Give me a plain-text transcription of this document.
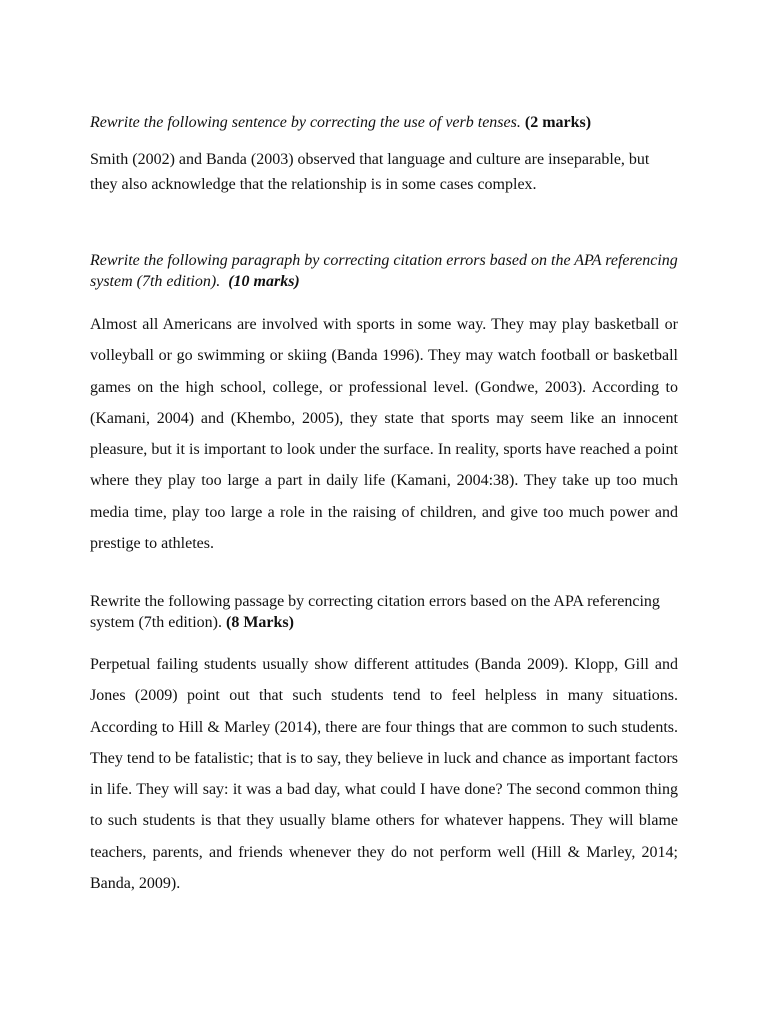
Rewrite the following sentence by correcting the use of verb tenses. (2 marks)

Smith (2002) and Banda (2003) observed that language and culture are inseparable, but they also acknowledge that the relationship is in some cases complex.

Rewrite the following paragraph by correcting citation errors based on the APA referencing system (7th edition). (10 marks)

Almost all Americans are involved with sports in some way. They may play basketball or volleyball or go swimming or skiing (Banda 1996). They may watch football or basketball games on the high school, college, or professional level. (Gondwe, 2003). According to (Kamani, 2004) and (Khembo, 2005), they state that sports may seem like an innocent pleasure, but it is important to look under the surface. In reality, sports have reached a point where they play too large a part in daily life (Kamani, 2004:38). They take up too much media time, play too large a role in the raising of children, and give too much power and prestige to athletes.

Rewrite the following passage by correcting citation errors based on the APA referencing system (7th edition). (8 Marks)

Perpetual failing students usually show different attitudes (Banda 2009). Klopp, Gill and Jones (2009) point out that such students tend to feel helpless in many situations. According to Hill & Marley (2014), there are four things that are common to such students. They tend to be fatalistic; that is to say, they believe in luck and chance as important factors in life. They will say: it was a bad day, what could I have done? The second common thing to such students is that they usually blame others for whatever happens. They will blame teachers, parents, and friends whenever they do not perform well (Hill & Marley, 2014; Banda, 2009).
